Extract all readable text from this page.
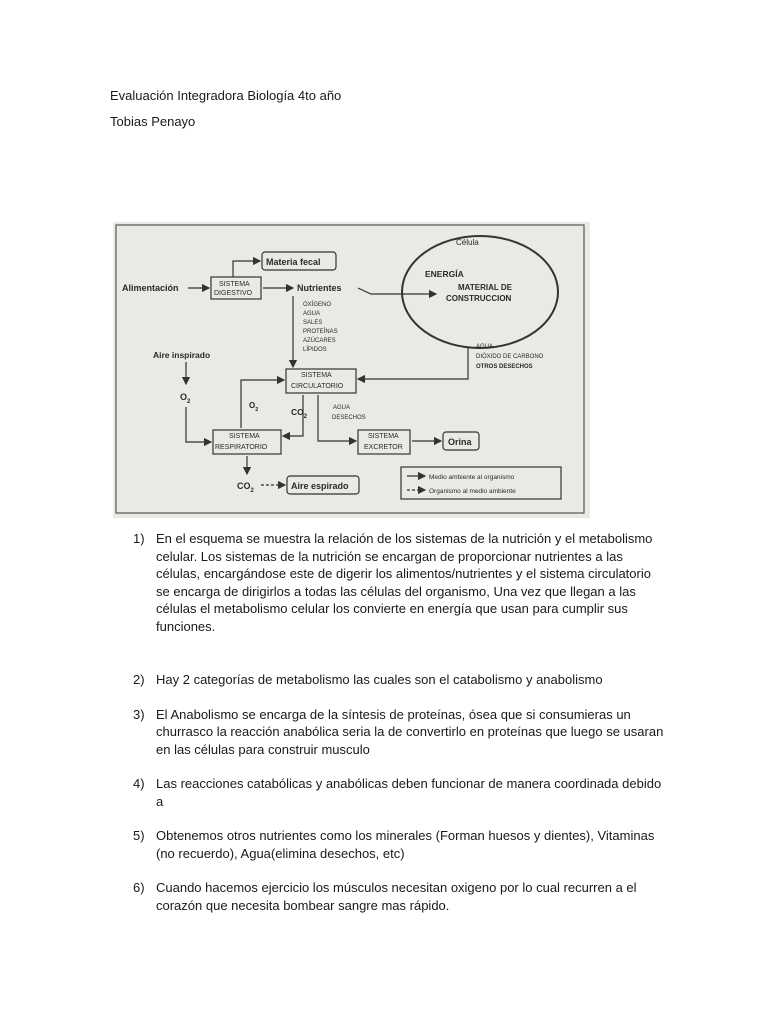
Evaluación Integradora Biología 4to año
Tobias Penayo
Célula
ENERGÍA
MATERIAL DE
CONSTRUCCION
Materia fecal
Alimentación	SISTEMA
DIGESTIVO
Nutrientes
OXÍGENO
AGUA
SALES
PROTEÍNAS
AZÚCARES
LÍPIDOS	AGUA
DIÓXIDO DE CARBONO
OTROS DESECHOS
Aire inspirado
$O_2$	$O_2$	$CO_2$
SISTEMA
CIRCULATORIO
AGUA
DESECHOS
SISTEMA
RESPIRATORIO
SISTEMA
EXCRETOR
Orina
$CO_2$	Aire espirado
Medio ambiente al organismo
Organismo al medio ambiente
1) En el esquema se muestra la relación de los sistemas de la nutrición y el metabolismo celular. Los sistemas de la nutrición se encargan de proporcionar nutrientes a las células, encargándose este de digerir los alimentos/nutrientes y el sistema circulatorio se encarga de dirigirlos a todas las células del organismo, Una vez que llegan a las células el metabolismo celular los convierte en energía que usan para cumplir sus funciones.
2) Hay 2 categorías de metabolismo las cuales son el catabolismo y anabolismo
3) El Anabolismo se encarga de la síntesis de proteínas, ósea que si consumieras un churrasco la reacción anabólica seria la de convertirlo en proteínas que luego se usaran en las células para construir musculo
4) Las reacciones catabólicas y anabólicas deben funcionar de manera coordinada debido a
5) Obtenemos otros nutrientes como los minerales (Forman huesos y dientes), Vitaminas (no recuerdo), Agua(elimina desechos, etc)
6) Cuando hacemos ejercicio los músculos necesitan oxigeno por lo cual recurren a el corazón que necesita bombear sangre mas rápido.
